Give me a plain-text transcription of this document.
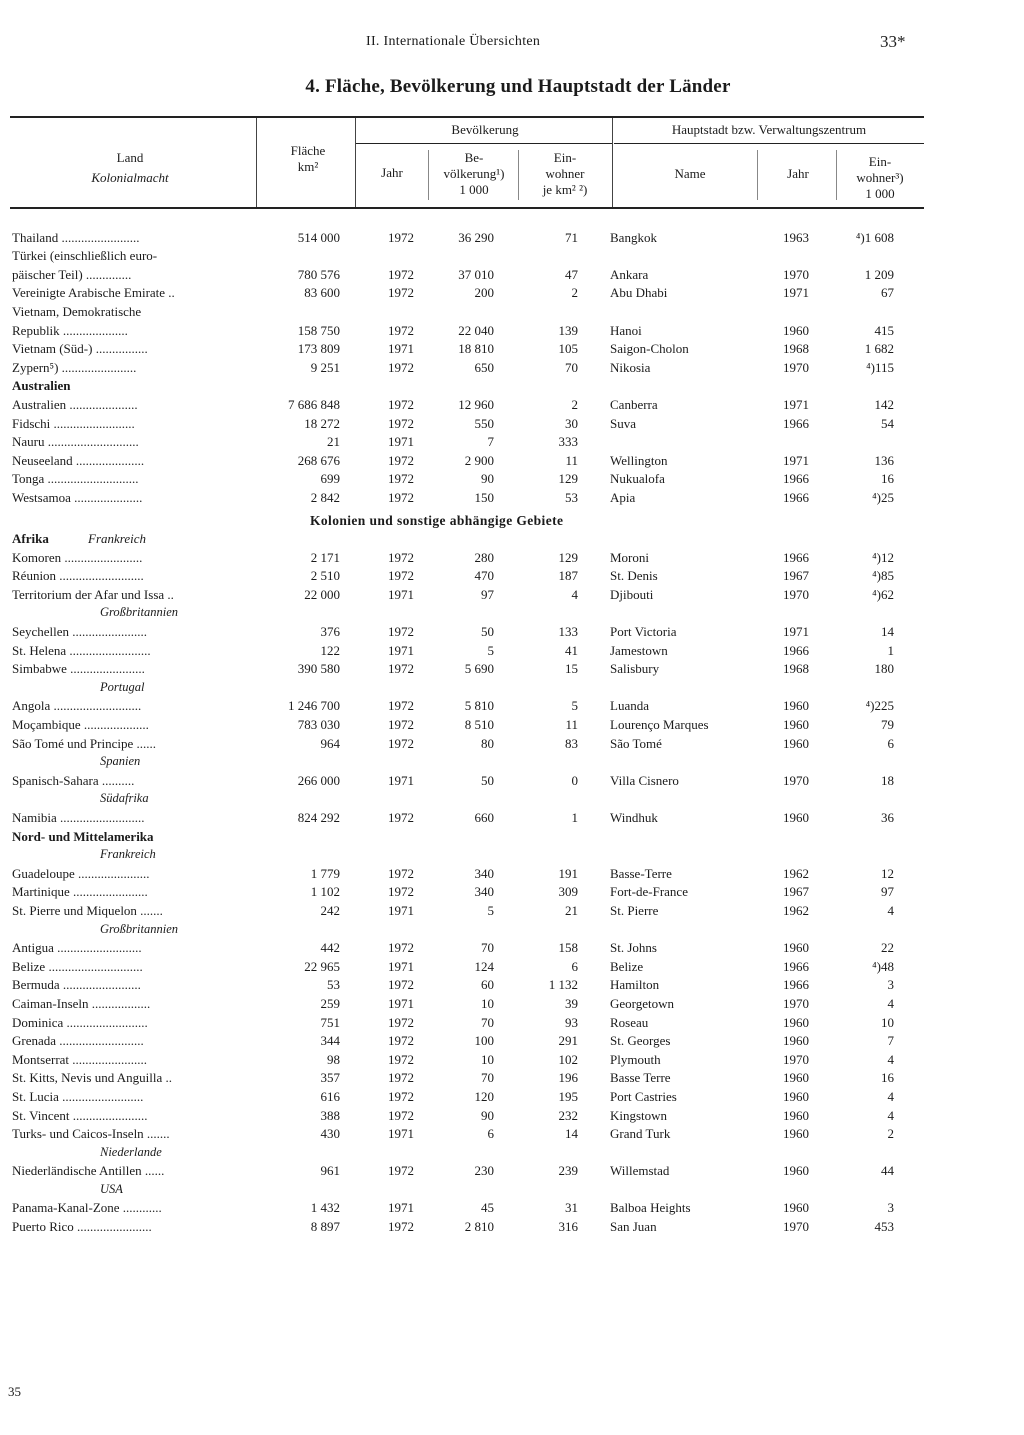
II. Internationale Übersichten	33*
4. Fläche, Bevölkerung und Hauptstadt der Länder
Land
Kolonialmacht
Fläche
km²
Bevölkerung
Jahr
Be-
völkerung¹)
1 000
Ein-
wohner
je km² ²)
Hauptstadt bzw. Verwaltungszentrum
Name	Jahr
Ein-
wohner³)
1 000
Thailand ........................	514 000	1972	36 290	71	Bangkok	1963	⁴)1 608
Türkei (einschließlich euro-							
päischer Teil) ..............	780 576	1972	37 010	47	Ankara	1970	1 209
Vereinigte Arabische Emirate ..	83 600	1972	200	2	Abu Dhabi	1971	67
Vietnam, Demokratische							
Republik ....................	158 750	1972	22 040	139	Hanoi	1960	415
Vietnam (Süd-) ................	173 809	1971	18 810	105	Saigon-Cholon	1968	1 682
Zypern⁵) .......................	9 251	1972	650	70	Nikosia	1970	⁴)115
Australien	
Australien .....................	7 686 848	1972	12 960	2	Canberra	1971	142
Fidschi .........................	18 272	1972	550	30	Suva	1966	54
Nauru ............................	21	1971	7	333			
Neuseeland .....................	268 676	1972	2 900	11	Wellington	1971	136
Tonga ............................	699	1972	90	129	Nukualofa	1966	16
Westsamoa .....................	2 842	1972	150	53	Apia	1966	⁴)25
Kolonien und sonstige abhängige Gebiete
Afrika	Frankreich
Komoren ........................	2 171	1972	280	129	Moroni	1966	⁴)12
Réunion ..........................	2 510	1972	470	187	St. Denis	1967	⁴)85
Territorium der Afar und Issa ..	22 000	1971	97	4	Djibouti	1970	⁴)62
Großbritannien	
Seychellen .......................	376	1972	50	133	Port Victoria	1971	14
St. Helena .........................	122	1971	5	41	Jamestown	1966	1
Simbabwe .......................	390 580	1972	5 690	15	Salisbury	1968	180
Portugal	
Angola ...........................	1 246 700	1972	5 810	5	Luanda	1960	⁴)225
Moçambique ....................	783 030	1972	8 510	11	Lourenço Marques	1960	79
São Tomé und Principe ......	964	1972	80	83	São Tomé	1960	6
Spanien	
Spanisch-Sahara ..........	266 000	1971	50	0	Villa Cisnero	1970	18
Südafrika	
Namibia ..........................	824 292	1972	660	1	Windhuk	1960	36
Nord- und Mittelamerika	
Frankreich	
Guadeloupe ......................	1 779	1972	340	191	Basse-Terre	1962	12
Martinique .......................	1 102	1972	340	309	Fort-de-France	1967	97
St. Pierre und Miquelon .......	242	1971	5	21	St. Pierre	1962	4
Großbritannien	
Antigua ..........................	442	1972	70	158	St. Johns	1960	22
Belize .............................	22 965	1971	124	6	Belize	1966	⁴)48
Bermuda ........................	53	1972	60	1 132	Hamilton	1966	3
Caiman-Inseln ..................	259	1971	10	39	Georgetown	1970	4
Dominica .........................	751	1972	70	93	Roseau	1960	10
Grenada ..........................	344	1972	100	291	St. Georges	1960	7
Montserrat .......................	98	1972	10	102	Plymouth	1970	4
St. Kitts, Nevis und Anguilla ..	357	1972	70	196	Basse Terre	1960	16
St. Lucia .........................	616	1972	120	195	Port Castries	1960	4
St. Vincent .......................	388	1972	90	232	Kingstown	1960	4
Turks- und Caicos-Inseln .......	430	1971	6	14	Grand Turk	1960	2
Niederlande	
Niederländische Antillen ......	961	1972	230	239	Willemstad	1960	44
USA	
Panama-Kanal-Zone ............	1 432	1971	45	31	Balboa Heights	1960	3
Puerto Rico .......................	8 897	1972	2 810	316	San Juan	1970	453
35
